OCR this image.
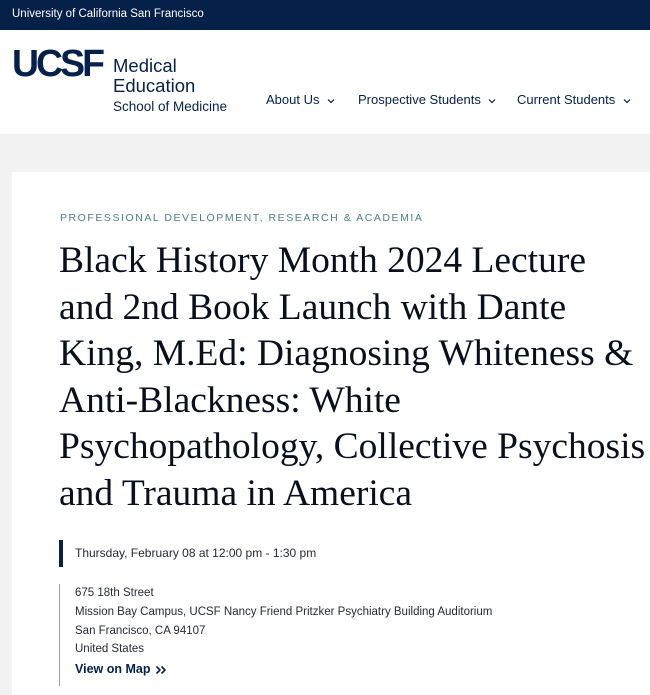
University of California San Francisco
UCSF Medical
Education
School of Medicine	About Us	Prospective Students	Current Students
PROFESSIONAL DEVELOPMENT, RESEARCH & ACADEMIA
Black History Month 2024 Lecture and 2nd Book Launch with Dante King, M.Ed: Diagnosing Whiteness & Anti-Blackness: White Psychopathology, Collective Psychosis and Trauma in America
Thursday, February 08 at 12:00 pm - 1:30 pm
675 18th Street
Mission Bay Campus, UCSF Nancy Friend Pritzker Psychiatry Building Auditorium
San Francisco, CA 94107
United States
View on Map
